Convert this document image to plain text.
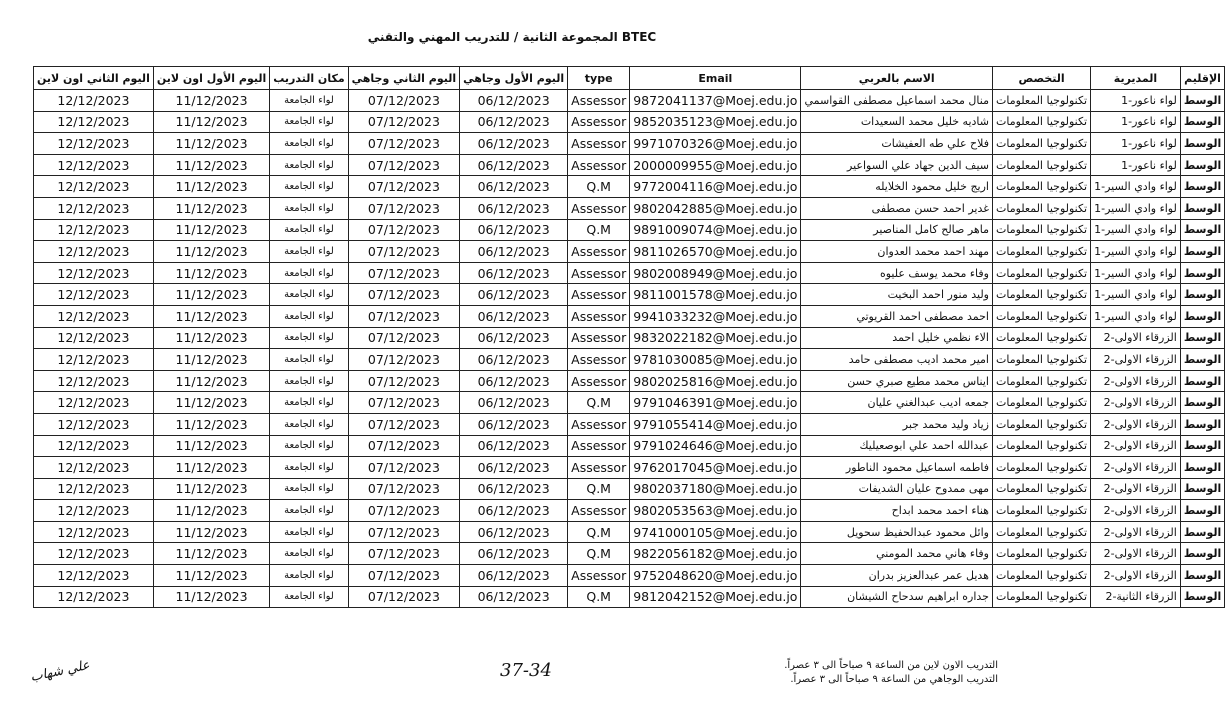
المجموعة الثانية / للتدريب المهني والتقني BTEC
الإقليم	المديرية	التخصص	الاسم بالعربي	Email	type	اليوم الأول وجاهي	اليوم الثاني وجاهي	مكان التدريب	اليوم الأول اون لاين	اليوم الثاني اون لاين
الوسط	لواء ناعور-1	تكنولوجيا المعلومات	منال محمد اسماعيل مصطفى القواسمي	9872041137@Moej.edu.jo	Assessor	06/12/2023	07/12/2023	لواء الجامعة	11/12/2023	12/12/2023
الوسط	لواء ناعور-1	تكنولوجيا المعلومات	شاديه خليل محمد السعيدات	9852035123@Moej.edu.jo	Assessor	06/12/2023	07/12/2023	لواء الجامعة	11/12/2023	12/12/2023
الوسط	لواء ناعور-1	تكنولوجيا المعلومات	فلاح علي طه العفيشات	9971070326@Moej.edu.jo	Assessor	06/12/2023	07/12/2023	لواء الجامعة	11/12/2023	12/12/2023
الوسط	لواء ناعور-1	تكنولوجيا المعلومات	سيف الدين جهاد علي السواعير	2000009955@Moej.edu.jo	Assessor	06/12/2023	07/12/2023	لواء الجامعة	11/12/2023	12/12/2023
الوسط	لواء وادي السير-1	تكنولوجيا المعلومات	اريج خليل محمود الخلايله	9772004116@Moej.edu.jo	Q.M	06/12/2023	07/12/2023	لواء الجامعة	11/12/2023	12/12/2023
الوسط	لواء وادي السير-1	تكنولوجيا المعلومات	غدير احمد حسن مصطفى	9802042885@Moej.edu.jo	Assessor	06/12/2023	07/12/2023	لواء الجامعة	11/12/2023	12/12/2023
الوسط	لواء وادي السير-1	تكنولوجيا المعلومات	ماهر صالح كامل المناصير	9891009074@Moej.edu.jo	Q.M	06/12/2023	07/12/2023	لواء الجامعة	11/12/2023	12/12/2023
الوسط	لواء وادي السير-1	تكنولوجيا المعلومات	مهند احمد محمد العدوان	9811026570@Moej.edu.jo	Assessor	06/12/2023	07/12/2023	لواء الجامعة	11/12/2023	12/12/2023
الوسط	لواء وادي السير-1	تكنولوجيا المعلومات	وفاء محمد يوسف عليوه	9802008949@Moej.edu.jo	Assessor	06/12/2023	07/12/2023	لواء الجامعة	11/12/2023	12/12/2023
الوسط	لواء وادي السير-1	تكنولوجيا المعلومات	وليد منور احمد البخيت	9811001578@Moej.edu.jo	Assessor	06/12/2023	07/12/2023	لواء الجامعة	11/12/2023	12/12/2023
الوسط	لواء وادي السير-1	تكنولوجيا المعلومات	احمد مصطفى احمد القريوتي	9941033232@Moej.edu.jo	Assessor	06/12/2023	07/12/2023	لواء الجامعة	11/12/2023	12/12/2023
الوسط	الزرقاء الاولى-2	تكنولوجيا المعلومات	الاء نظمي خليل احمد	9832022182@Moej.edu.jo	Assessor	06/12/2023	07/12/2023	لواء الجامعة	11/12/2023	12/12/2023
الوسط	الزرقاء الاولى-2	تكنولوجيا المعلومات	امير محمد اديب مصطفى حامد	9781030085@Moej.edu.jo	Assessor	06/12/2023	07/12/2023	لواء الجامعة	11/12/2023	12/12/2023
الوسط	الزرقاء الاولى-2	تكنولوجيا المعلومات	ايناس محمد مطيع صبري حسن	9802025816@Moej.edu.jo	Assessor	06/12/2023	07/12/2023	لواء الجامعة	11/12/2023	12/12/2023
الوسط	الزرقاء الاولى-2	تكنولوجيا المعلومات	جمعه اديب عبدالغني عليان	9791046391@Moej.edu.jo	Q.M	06/12/2023	07/12/2023	لواء الجامعة	11/12/2023	12/12/2023
الوسط	الزرقاء الاولى-2	تكنولوجيا المعلومات	زياد وليد محمد جبر	9791055414@Moej.edu.jo	Assessor	06/12/2023	07/12/2023	لواء الجامعة	11/12/2023	12/12/2023
الوسط	الزرقاء الاولى-2	تكنولوجيا المعلومات	عبدالله احمد علي ابوصعيليك	9791024646@Moej.edu.jo	Assessor	06/12/2023	07/12/2023	لواء الجامعة	11/12/2023	12/12/2023
الوسط	الزرقاء الاولى-2	تكنولوجيا المعلومات	فاطمه اسماعيل محمود الناطور	9762017045@Moej.edu.jo	Assessor	06/12/2023	07/12/2023	لواء الجامعة	11/12/2023	12/12/2023
الوسط	الزرقاء الاولى-2	تكنولوجيا المعلومات	مهى ممدوح عليان الشديفات	9802037180@Moej.edu.jo	Q.M	06/12/2023	07/12/2023	لواء الجامعة	11/12/2023	12/12/2023
الوسط	الزرقاء الاولى-2	تكنولوجيا المعلومات	هناء احمد محمد ابداح	9802053563@Moej.edu.jo	Assessor	06/12/2023	07/12/2023	لواء الجامعة	11/12/2023	12/12/2023
الوسط	الزرقاء الاولى-2	تكنولوجيا المعلومات	وائل محمود عبدالحفيظ سحويل	9741000105@Moej.edu.jo	Q.M	06/12/2023	07/12/2023	لواء الجامعة	11/12/2023	12/12/2023
الوسط	الزرقاء الاولى-2	تكنولوجيا المعلومات	وفاء هاني محمد المومني	9822056182@Moej.edu.jo	Q.M	06/12/2023	07/12/2023	لواء الجامعة	11/12/2023	12/12/2023
الوسط	الزرقاء الاولى-2	تكنولوجيا المعلومات	هديل عمر عبدالعزيز بدران	9752048620@Moej.edu.jo	Assessor	06/12/2023	07/12/2023	لواء الجامعة	11/12/2023	12/12/2023
الوسط	الزرقاء الثانية-2	تكنولوجيا المعلومات	جداره ابراهيم سدحاح الشيشان	9812042152@Moej.edu.jo	Q.M	06/12/2023	07/12/2023	لواء الجامعة	11/12/2023	12/12/2023
التدريب الاون لاين من الساعة ٩ صباحاً الى ٣ عصراً.
التدريب الوجاهي من الساعة ٩ صباحاً الى ٣ عصراً.
37-34
علي شهاب
